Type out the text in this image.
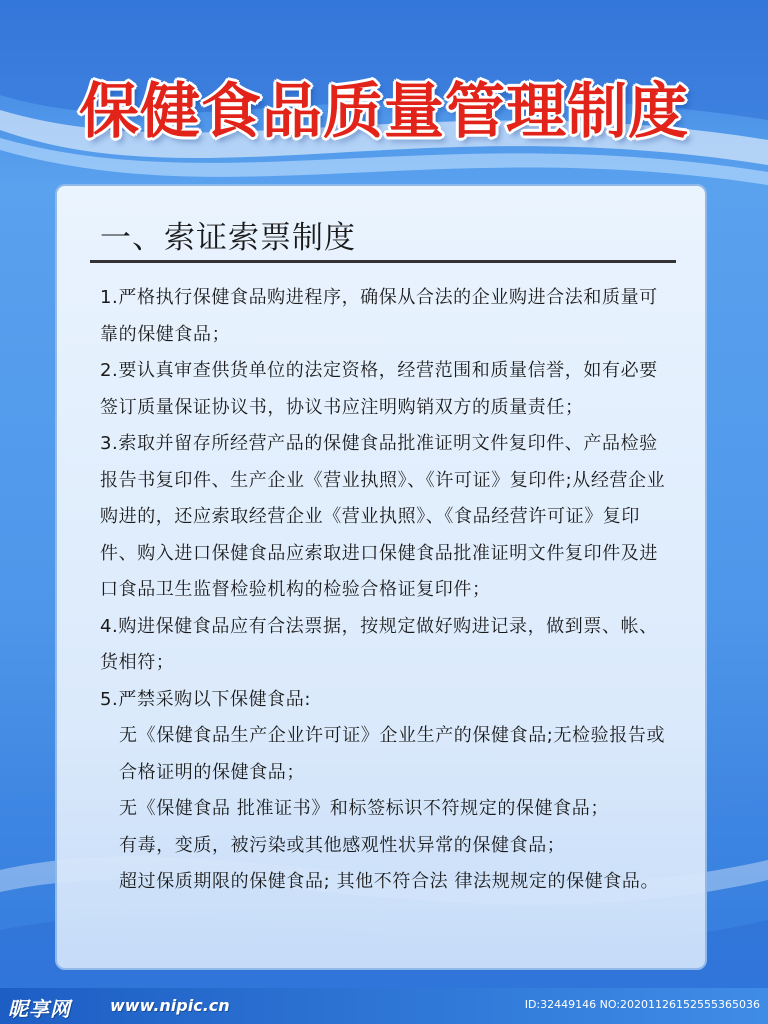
保健食品质量管理制度
一、索证索票制度

1.严格执行保健食品购进程序，确保从合法的企业购进合法和质量可靠的保健食品；

2.要认真审查供货单位的法定资格，经营范围和质量信誉，如有必要签订质量保证协议书，协议书应注明购销双方的质量责任；

3.索取并留存所经营产品的保健食品批准证明文件复印件、产品检验报告书复印件、生产企业《营业执照》、《许可证》复印件;从经营企业购进的，还应索取经营企业《营业执照》、《食品经营许可证》复印件、购入进口保健食品应索取进口保健食品批准证明文件复印件及进口食品卫生监督检验机构的检验合格证复印件；

4.购进保健食品应有合法票据，按规定做好购进记录，做到票、帐、 货相符；

5.严禁采购以下保健食品:

无《保健食品生产企业许可证》企业生产的保健食品;无检验报告或合格证明的保健食品；

无《保健食品 批准证书》和标签标识不符规定的保健食品；

有毒，变质，被污染或其他感观性状异常的保健食品；

超过保质期限的保健食品; 其他不符合法 律法规规定的保健食品。

昵享网 www.nipic.cn	ID:32449146 NO:20201126152555365036
